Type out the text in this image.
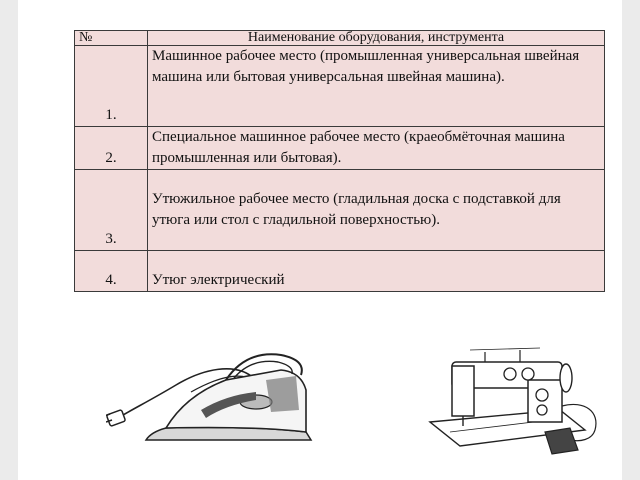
№	Наименование оборудования, инструмента
1.	Машинное рабочее место (промышленная универсальная швейная машина или бытовая универсальная швейная машина).
2.	Специальное машинное рабочее место (краеобмёточная машина промышленная или бытовая).
3.	Утюжильное рабочее место (гладильная доска с подставкой для утюга или стол с гладильной поверхностью).
4.	Утюг электрический
